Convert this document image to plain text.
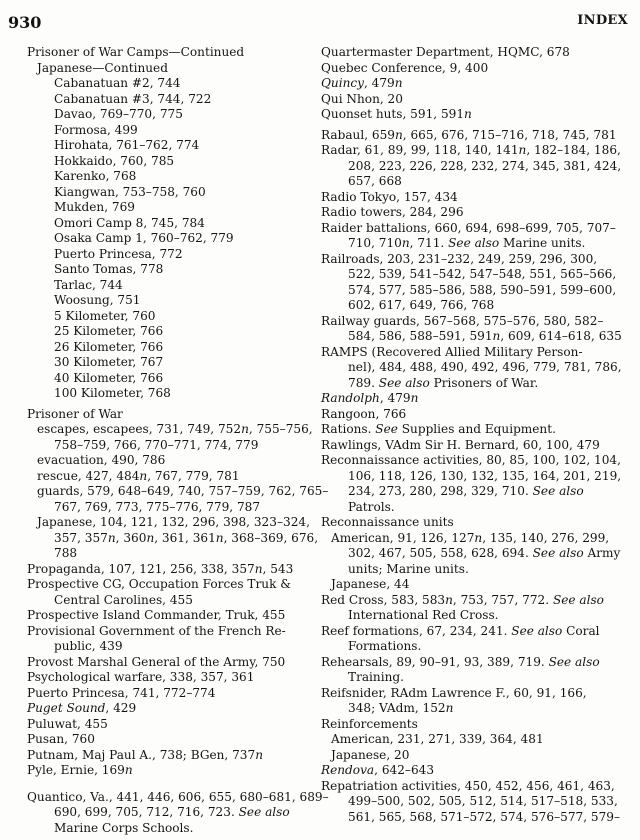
930	INDEX
Prisoner of War Camps—Continued
Japanese—Continued
Cabanatuan #2, 744
Cabanatuan #3, 744, 722
Davao, 769–770, 775
Formosa, 499
Hirohata, 761–762, 774
Hokkaido, 760, 785
Karenko, 768
Kiangwan, 753–758, 760
Mukden, 769
Omori Camp 8, 745, 784
Osaka Camp 1, 760–762, 779
Puerto Princesa, 772
Santo Tomas, 778
Tarlac, 744
Woosung, 751
5 Kilometer, 760
25 Kilometer, 766
26 Kilometer, 766
30 Kilometer, 767
40 Kilometer, 766
100 Kilometer, 768
Prisoner of War
escapes, escapees, 731, 749, 752n, 755–756,
758–759, 766, 770–771, 774, 779
evacuation, 490, 786
rescue, 427, 484n, 767, 779, 781
guards, 579, 648–649, 740, 757–759, 762, 765–
767, 769, 773, 775–776, 779, 787
Japanese, 104, 121, 132, 296, 398, 323–324,
357, 357n, 360n, 361, 361n, 368–369, 676,
788
Propaganda, 107, 121, 256, 338, 357n, 543
Prospective CG, Occupation Forces Truk &
Central Carolines, 455
Prospective Island Commander, Truk, 455
Provisional Government of the French Re-
public, 439
Provost Marshal General of the Army, 750
Psychological warfare, 338, 357, 361
Puerto Princesa, 741, 772–774
Puget Sound, 429
Puluwat, 455
Pusan, 760
Putnam, Maj Paul A., 738; BGen, 737n
Pyle, Ernie, 169n
Quantico, Va., 441, 446, 606, 655, 680–681, 689–
690, 699, 705, 712, 716, 723. See also
Marine Corps Schools.
Quartermaster Department, HQMC, 678
Quebec Conference, 9, 400
Quincy, 479n
Qui Nhon, 20
Quonset huts, 591, 591n
Rabaul, 659n, 665, 676, 715–716, 718, 745, 781
Radar, 61, 89, 99, 118, 140, 141n, 182–184, 186,
208, 223, 226, 228, 232, 274, 345, 381, 424,
657, 668
Radio Tokyo, 157, 434
Radio towers, 284, 296
Raider battalions, 660, 694, 698–699, 705, 707–
710, 710n, 711. See also Marine units.
Railroads, 203, 231–232, 249, 259, 296, 300,
522, 539, 541–542, 547–548, 551, 565–566,
574, 577, 585–586, 588, 590–591, 599–600,
602, 617, 649, 766, 768
Railway guards, 567–568, 575–576, 580, 582–
584, 586, 588–591, 591n, 609, 614–618, 635
RAMPS (Recovered Allied Military Person-
nel), 484, 488, 490, 492, 496, 779, 781, 786,
789. See also Prisoners of War.
Randolph, 479n
Rangoon, 766
Rations. See Supplies and Equipment.
Rawlings, VAdm Sir H. Bernard, 60, 100, 479
Reconnaissance activities, 80, 85, 100, 102, 104,
106, 118, 126, 130, 132, 135, 164, 201, 219,
234, 273, 280, 298, 329, 710. See also
Patrols.
Reconnaissance units
American, 91, 126, 127n, 135, 140, 276, 299,
302, 467, 505, 558, 628, 694. See also Army
units; Marine units.
Japanese, 44
Red Cross, 583, 583n, 753, 757, 772. See also
International Red Cross.
Reef formations, 67, 234, 241. See also Coral
Formations.
Rehearsals, 89, 90–91, 93, 389, 719. See also
Training.
Reifsnider, RAdm Lawrence F., 60, 91, 166,
348; VAdm, 152n
Reinforcements
American, 231, 271, 339, 364, 481
Japanese, 20
Rendova, 642–643
Repatriation activities, 450, 452, 456, 461, 463,
499–500, 502, 505, 512, 514, 517–518, 533,
561, 565, 568, 571–572, 574, 576–577, 579–
